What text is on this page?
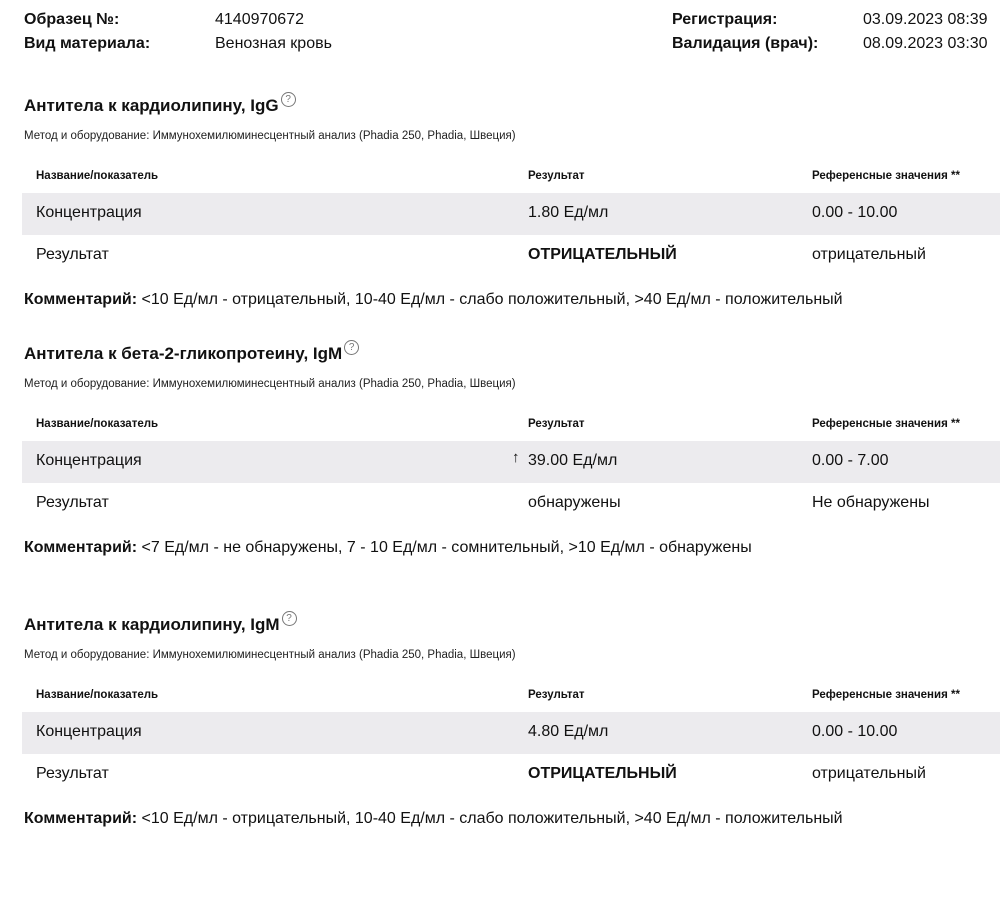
Образец №:	4140970672
Вид материала:	Венозная кровь
Регистрация:	03.09.2023 08:39
Валидация (врач):	08.09.2023 03:30
Антитела к кардиолипину, IgG ?
Метод и оборудование: Иммунохемилюминесцентный анализ (Phadia 250, Phadia, Швеция)
Название/показатель	Результат	Референсные значения **
Концентрация	1.80 Ед/мл	0.00 - 10.00
Результат	ОТРИЦАТЕЛЬНЫЙ	отрицательный
Комментарий: <10 Ед/мл - отрицательный, 10-40 Ед/мл - слабо положительный, >40 Ед/мл - положительный
Антитела к бета-2-гликопротеину, IgM ?
Метод и оборудование: Иммунохемилюминесцентный анализ (Phadia 250, Phadia, Швеция)
Название/показатель	Результат	Референсные значения **
Концентрация	↑ 39.00 Ед/мл	0.00 - 7.00
Результат	обнаружены	Не обнаружены
Комментарий: <7 Ед/мл - не обнаружены, 7 - 10 Ед/мл - сомнительный, >10 Ед/мл - обнаружены
Антитела к кардиолипину, IgM ?
Метод и оборудование: Иммунохемилюминесцентный анализ (Phadia 250, Phadia, Швеция)
Название/показатель	Результат	Референсные значения **
Концентрация	4.80 Ед/мл	0.00 - 10.00
Результат	ОТРИЦАТЕЛЬНЫЙ	отрицательный
Комментарий: <10 Ед/мл - отрицательный, 10-40 Ед/мл - слабо положительный, >40 Ед/мл - положительный
